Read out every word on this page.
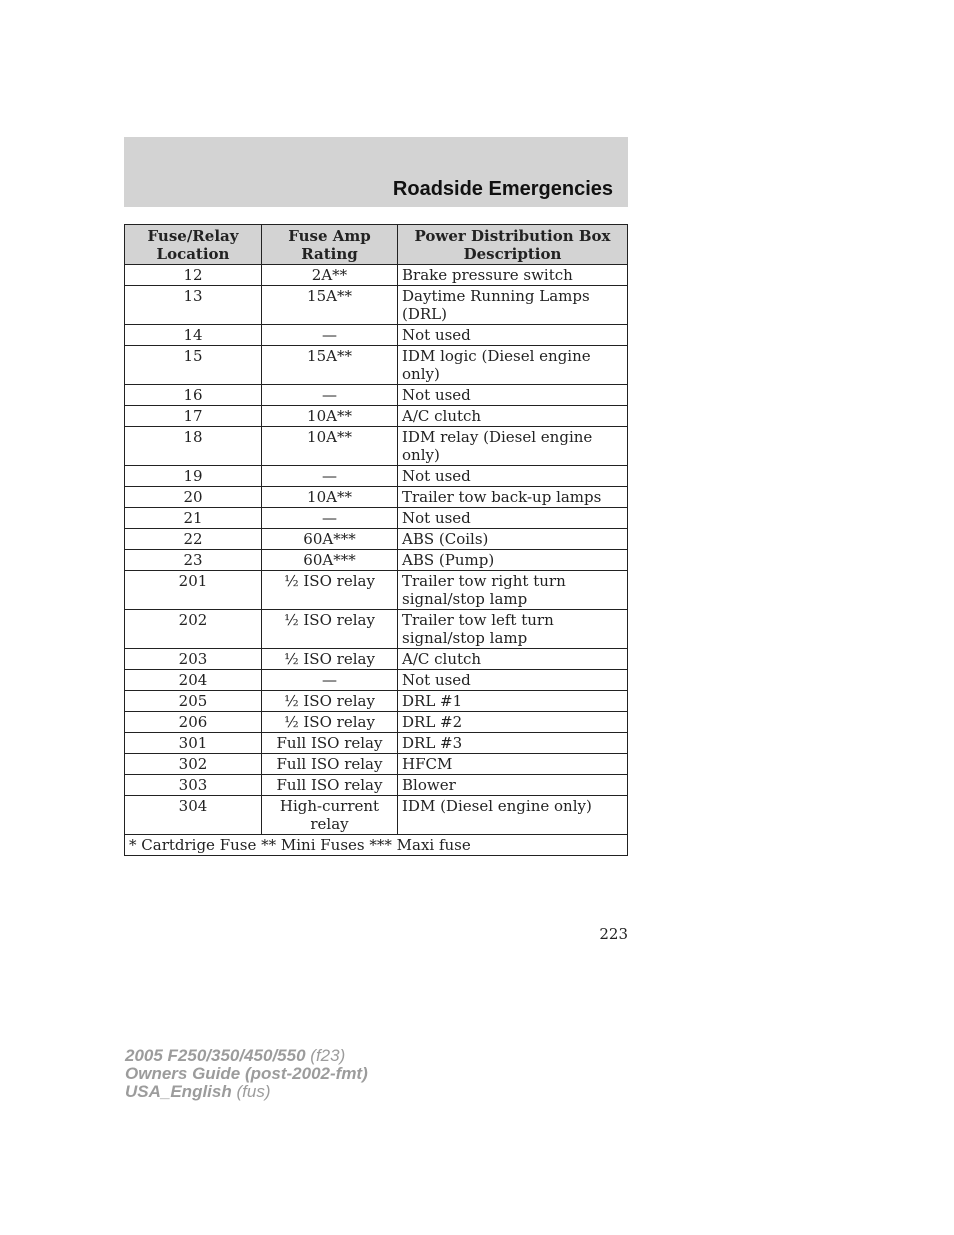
Roadside Emergencies
Fuse/Relay Location	Fuse Amp Rating	Power Distribution Box Description
12	2A**	Brake pressure switch
13	15A**	Daytime Running Lamps (DRL)
14	—	Not used
15	15A**	IDM logic (Diesel engine only)
16	—	Not used
17	10A**	A/C clutch
18	10A**	IDM relay (Diesel engine only)
19	—	Not used
20	10A**	Trailer tow back-up lamps
21	—	Not used
22	60A***	ABS (Coils)
23	60A***	ABS (Pump)
201	½ ISO relay	Trailer tow right turn signal/stop lamp
202	½ ISO relay	Trailer tow left turn signal/stop lamp
203	½ ISO relay	A/C clutch
204	—	Not used
205	½ ISO relay	DRL #1
206	½ ISO relay	DRL #2
301	Full ISO relay	DRL #3
302	Full ISO relay	HFCM
303	Full ISO relay	Blower
304	High-current relay	IDM (Diesel engine only)
* Cartdrige Fuse ** Mini Fuses *** Maxi fuse		
223
2005 F250/350/450/550 (f23)
Owners Guide (post-2002-fmt)
USA_English (fus)
